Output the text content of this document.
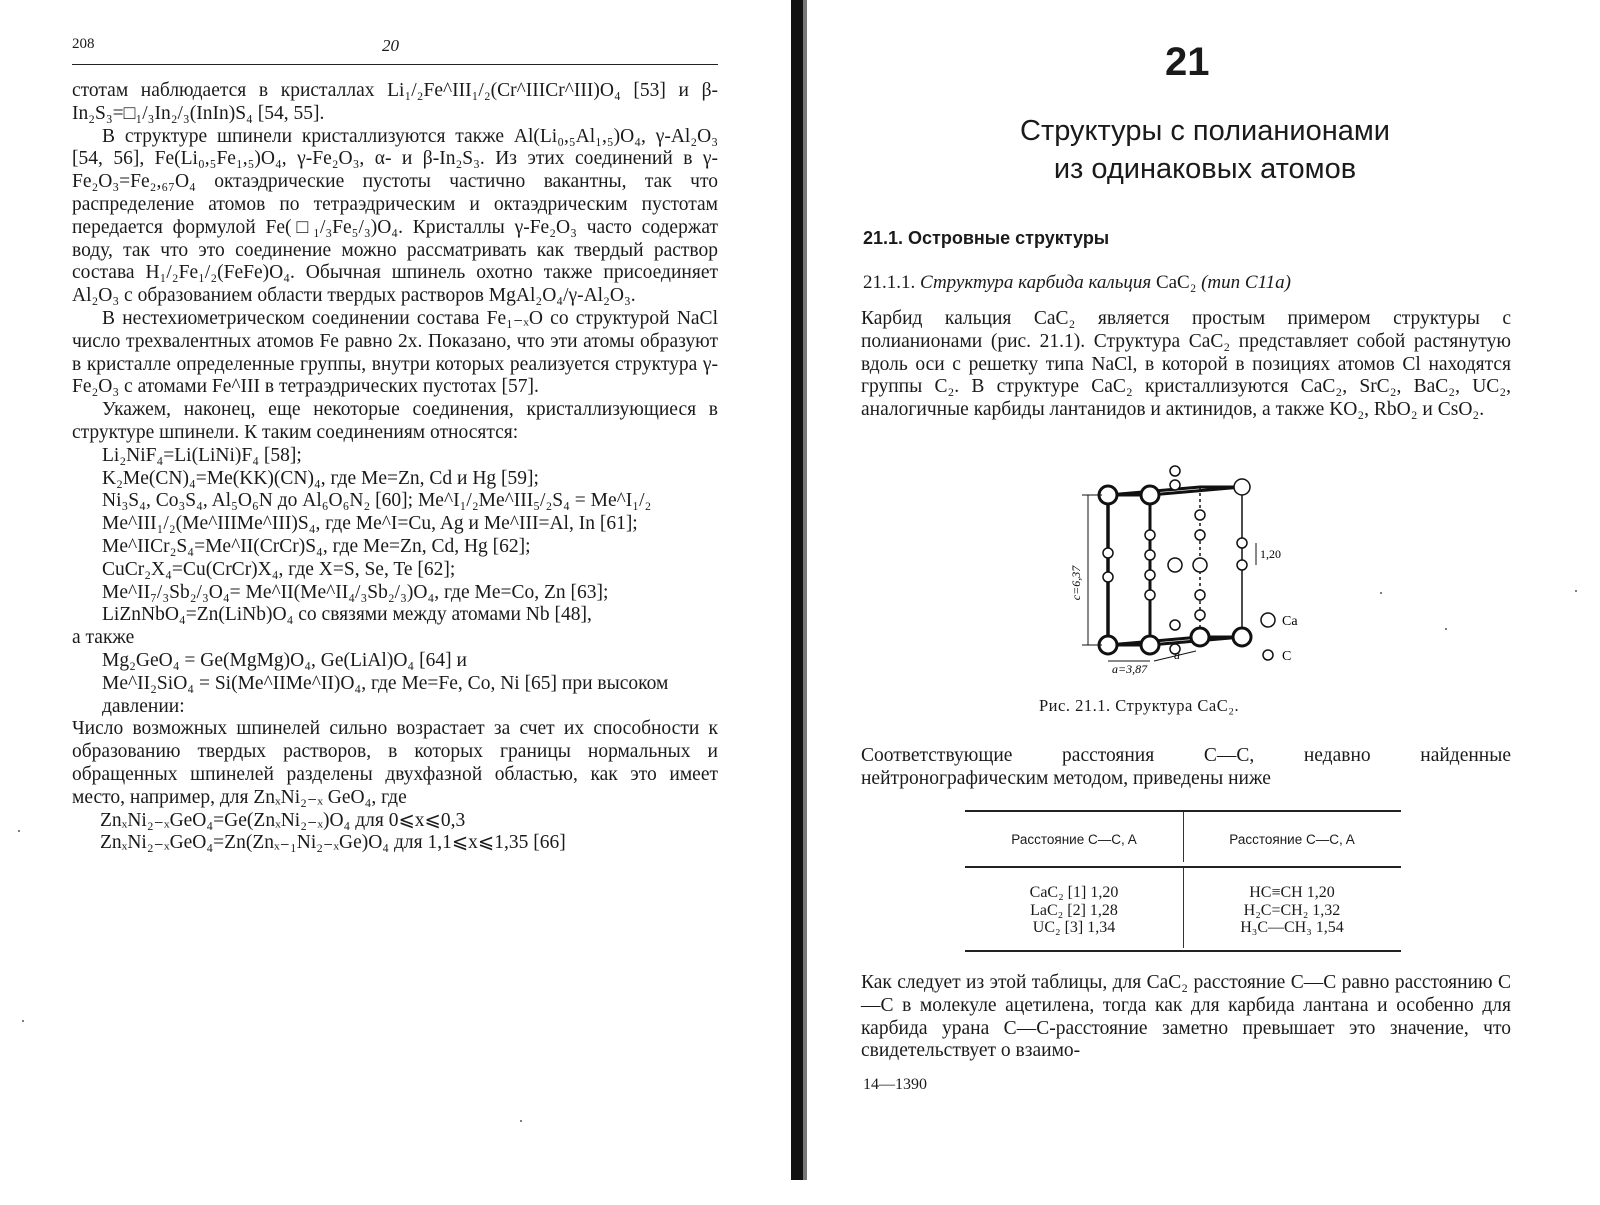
208	20
стотам наблюдается в кристаллах Li₁/₂Fe^III₁/₂(Cr^IIICr^III)O₄ [53] и β-In₂S₃=□₁/₃In₂/₃(InIn)S₄ [54, 55].
В структуре шпинели кристаллизуются также Al(Li₀,₅Al₁,₅)O₄, γ-Al₂O₃ [54, 56], Fe(Li₀,₅Fe₁,₅)O₄, γ-Fe₂O₃, α- и β-In₂S₃. Из этих соединений в γ-Fe₂O₃=Fe₂,₆₇O₄ октаэдрические пустоты частично вакантны, так что распределение атомов по тетраэдрическим и октаэдрическим пустотам передается формулой Fe(□₁/₃Fe₅/₃)O₄. Кристаллы γ-Fe₂O₃ часто содержат воду, так что это соединение можно рассматривать как твердый раствор состава H₁/₂Fe₁/₂(FeFe)O₄. Обычная шпинель охотно также присоединяет Al₂O₃ с образованием области твердых растворов MgAl₂O₄/γ-Al₂O₃.
В нестехиометрическом соединении состава Fe₁₋ₓO со структурой NaCl число трехвалентных атомов Fe равно 2x. Показано, что эти атомы образуют в кристалле определенные группы, внутри которых реализуется структура γ-Fe₂O₃ с атомами Fe^III в тетраэдрических пустотах [57].
Укажем, наконец, еще некоторые соединения, кристаллизующиеся в структуре шпинели. К таким соединениям относятся:
Li₂NiF₄=Li(LiNi)F₄ [58];
K₂Me(CN)₄=Me(KK)(CN)₄, где Me=Zn, Cd и Hg [59];
Ni₃S₄, Co₃S₄, Al₅O₆N до Al₆O₆N₂ [60]; Me^I₁/₂Me^III₅/₂S₄ = Me^I₁/₂ Me^III₁/₂(Me^IIIMe^III)S₄, где Me^I=Cu, Ag и Me^III=Al, In [61];
Me^IICr₂S₄=Me^II(CrCr)S₄, где Me=Zn, Cd, Hg [62];
CuCr₂X₄=Cu(CrCr)X₄, где X=S, Se, Te [62];
Me^II₇/₃Sb₂/₃O₄= Me^II(Me^II₄/₃Sb₂/₃)O₄, где Me=Co, Zn [63];
LiZnNbO₄=Zn(LiNb)O₄ со связями между атомами Nb [48],
а также
Mg₂GeO₄ = Ge(MgMg)O₄, Ge(LiAl)O₄ [64] и
Me^II₂SiO₄ = Si(Me^IIMe^II)O₄, где Me=Fe, Co, Ni [65] при высоком давлении:
Число возможных шпинелей сильно возрастает за счет их способности к образованию твердых растворов, в которых границы нормальных и обращенных шпинелей разделены двухфазной областью, как это имеет место, например, для ZnₓNi₂₋ₓ GeO₄, где
ZnₓNi₂₋ₓGeO₄=Ge(ZnₓNi₂₋ₓ)O₄ для 0⩽x⩽0,3
ZnₓNi₂₋ₓGeO₄=Zn(Znₓ₋₁Ni₂₋ₓGe)O₄ для 1,1⩽x⩽1,35 [66]
21
Структуры с полианионами
из одинаковых атомов
21.1. Островные структуры
21.1.1. Структура карбида кальция CaC₂ (тип C11a)
Карбид кальция CaC₂ является простым примером структуры с полианионами (рис. 21.1). Структура CaC₂ представляет собой растянутую вдоль оси c решетку типа NaCl, в которой в позициях атомов Cl находятся группы C₂. В структуре CaC₂ кристаллизуются CaC₂, SrC₂, BaC₂, UC₂, аналогичные карбиды лантанидов и актинидов, а также KO₂, RbO₂ и CsO₂.
c=6,37
a=3,87
a
1,20
Ca
C
Рис. 21.1. Структура CaC₂.
Соответствующие расстояния C—C, недавно найденные нейтронографическим методом, приведены ниже
Расстояние C—C, A	Расстояние C—C, A
CaC₂ [1] 1,20
LaC₂ [2] 1,28
UC₂ [3] 1,34
HC≡CH 1,20
H₂C=CH₂ 1,32
H₃C—CH₃ 1,54
Как следует из этой таблицы, для CaC₂ расстояние C—C равно расстоянию C—C в молекуле ацетилена, тогда как для карбида лантана и особенно для карбида урана C—C-расстояние заметно превышает это значение, что свидетельствует о взаимо-
14—1390
